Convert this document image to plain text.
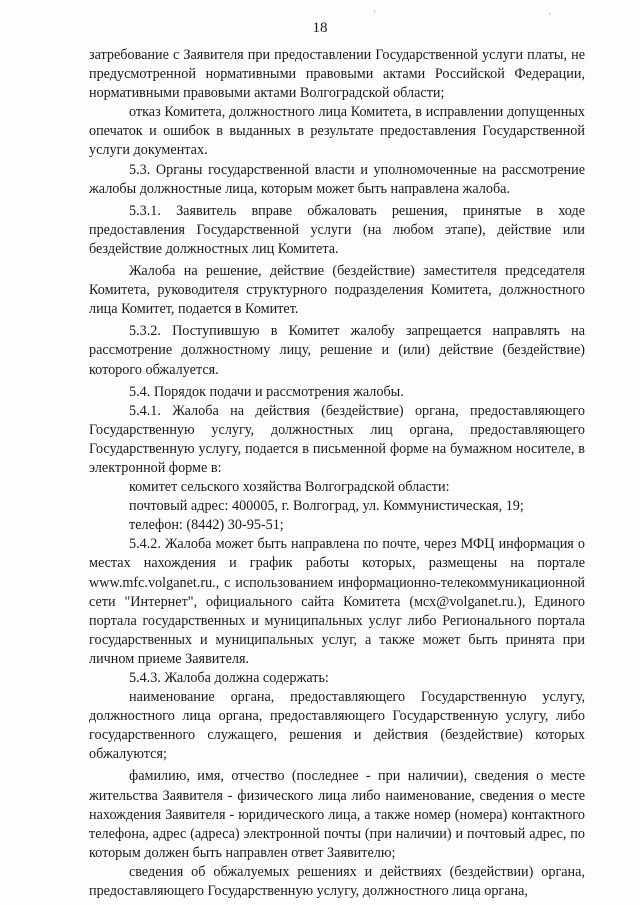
18
'	·

затребование с Заявителя при предоставлении Государственной услуги платы, не предусмотренной нормативными правовыми актами Российской Федерации, нормативными правовыми актами Волгоградской области;

отказ Комитета, должностного лица Комитета, в исправлении допущенных опечаток и ошибок в выданных в результате предоставления Государственной услуги документах.

5.3. Органы государственной власти и уполномоченные на рассмотрение жалобы должностные лица, которым может быть направлена жалоба.

5.3.1. Заявитель вправе обжаловать решения, принятые в ходе предоставления Государственной услуги (на любом этапе), действие или бездействие должностных лиц Комитета.

Жалоба на решение, действие (бездействие) заместителя председателя Комитета, руководителя структурного подразделения Комитета, должностного лица Комитет, подается в Комитет.

5.3.2. Поступившую в Комитет жалобу запрещается направлять на рассмотрение должностному лицу, решение и (или) действие (бездействие) которого обжалуется.

5.4. Порядок подачи и рассмотрения жалобы.

5.4.1. Жалоба на действия (бездействие) органа, предоставляющего Государственную услугу, должностных лиц органа, предоставляющего Государственную услугу, подается в письменной форме на бумажном носителе, в электронной форме в:

комитет сельского хозяйства Волгоградской области:

почтовый адрес: 400005, г. Волгоград, ул. Коммунистическая, 19;

телефон: (8442) 30-95-51;

5.4.2. Жалоба может быть направлена по почте, через МФЦ информация о местах нахождения и график работы которых, размещены на портале www.mfc.volganet.ru., с использованием информационно-телекоммуникационной сети "Интернет", официального сайта Комитета (мсх@volganet.ru.), Единого портала государственных и муниципальных услуг либо Регионального портала государственных и муниципальных услуг, а также может быть принята при личном приеме Заявителя.

5.4.3. Жалоба должна содержать:

наименование органа, предоставляющего Государственную услугу, должностного лица органа, предоставляющего Государственную услугу, либо государственного служащего, решения и действия (бездействие) которых обжалуются;

фамилию, имя, отчество (последнее - при наличии), сведения о месте жительства Заявителя - физического лица либо наименование, сведения о месте нахождения Заявителя - юридического лица, а также номер (номера) контактного телефона, адрес (адреса) электронной почты (при наличии) и почтовый адрес, по которым должен быть направлен ответ Заявителю;

сведения об обжалуемых решениях и действиях (бездействии) органа, предоставляющего Государственную услугу, должностного лица органа,
